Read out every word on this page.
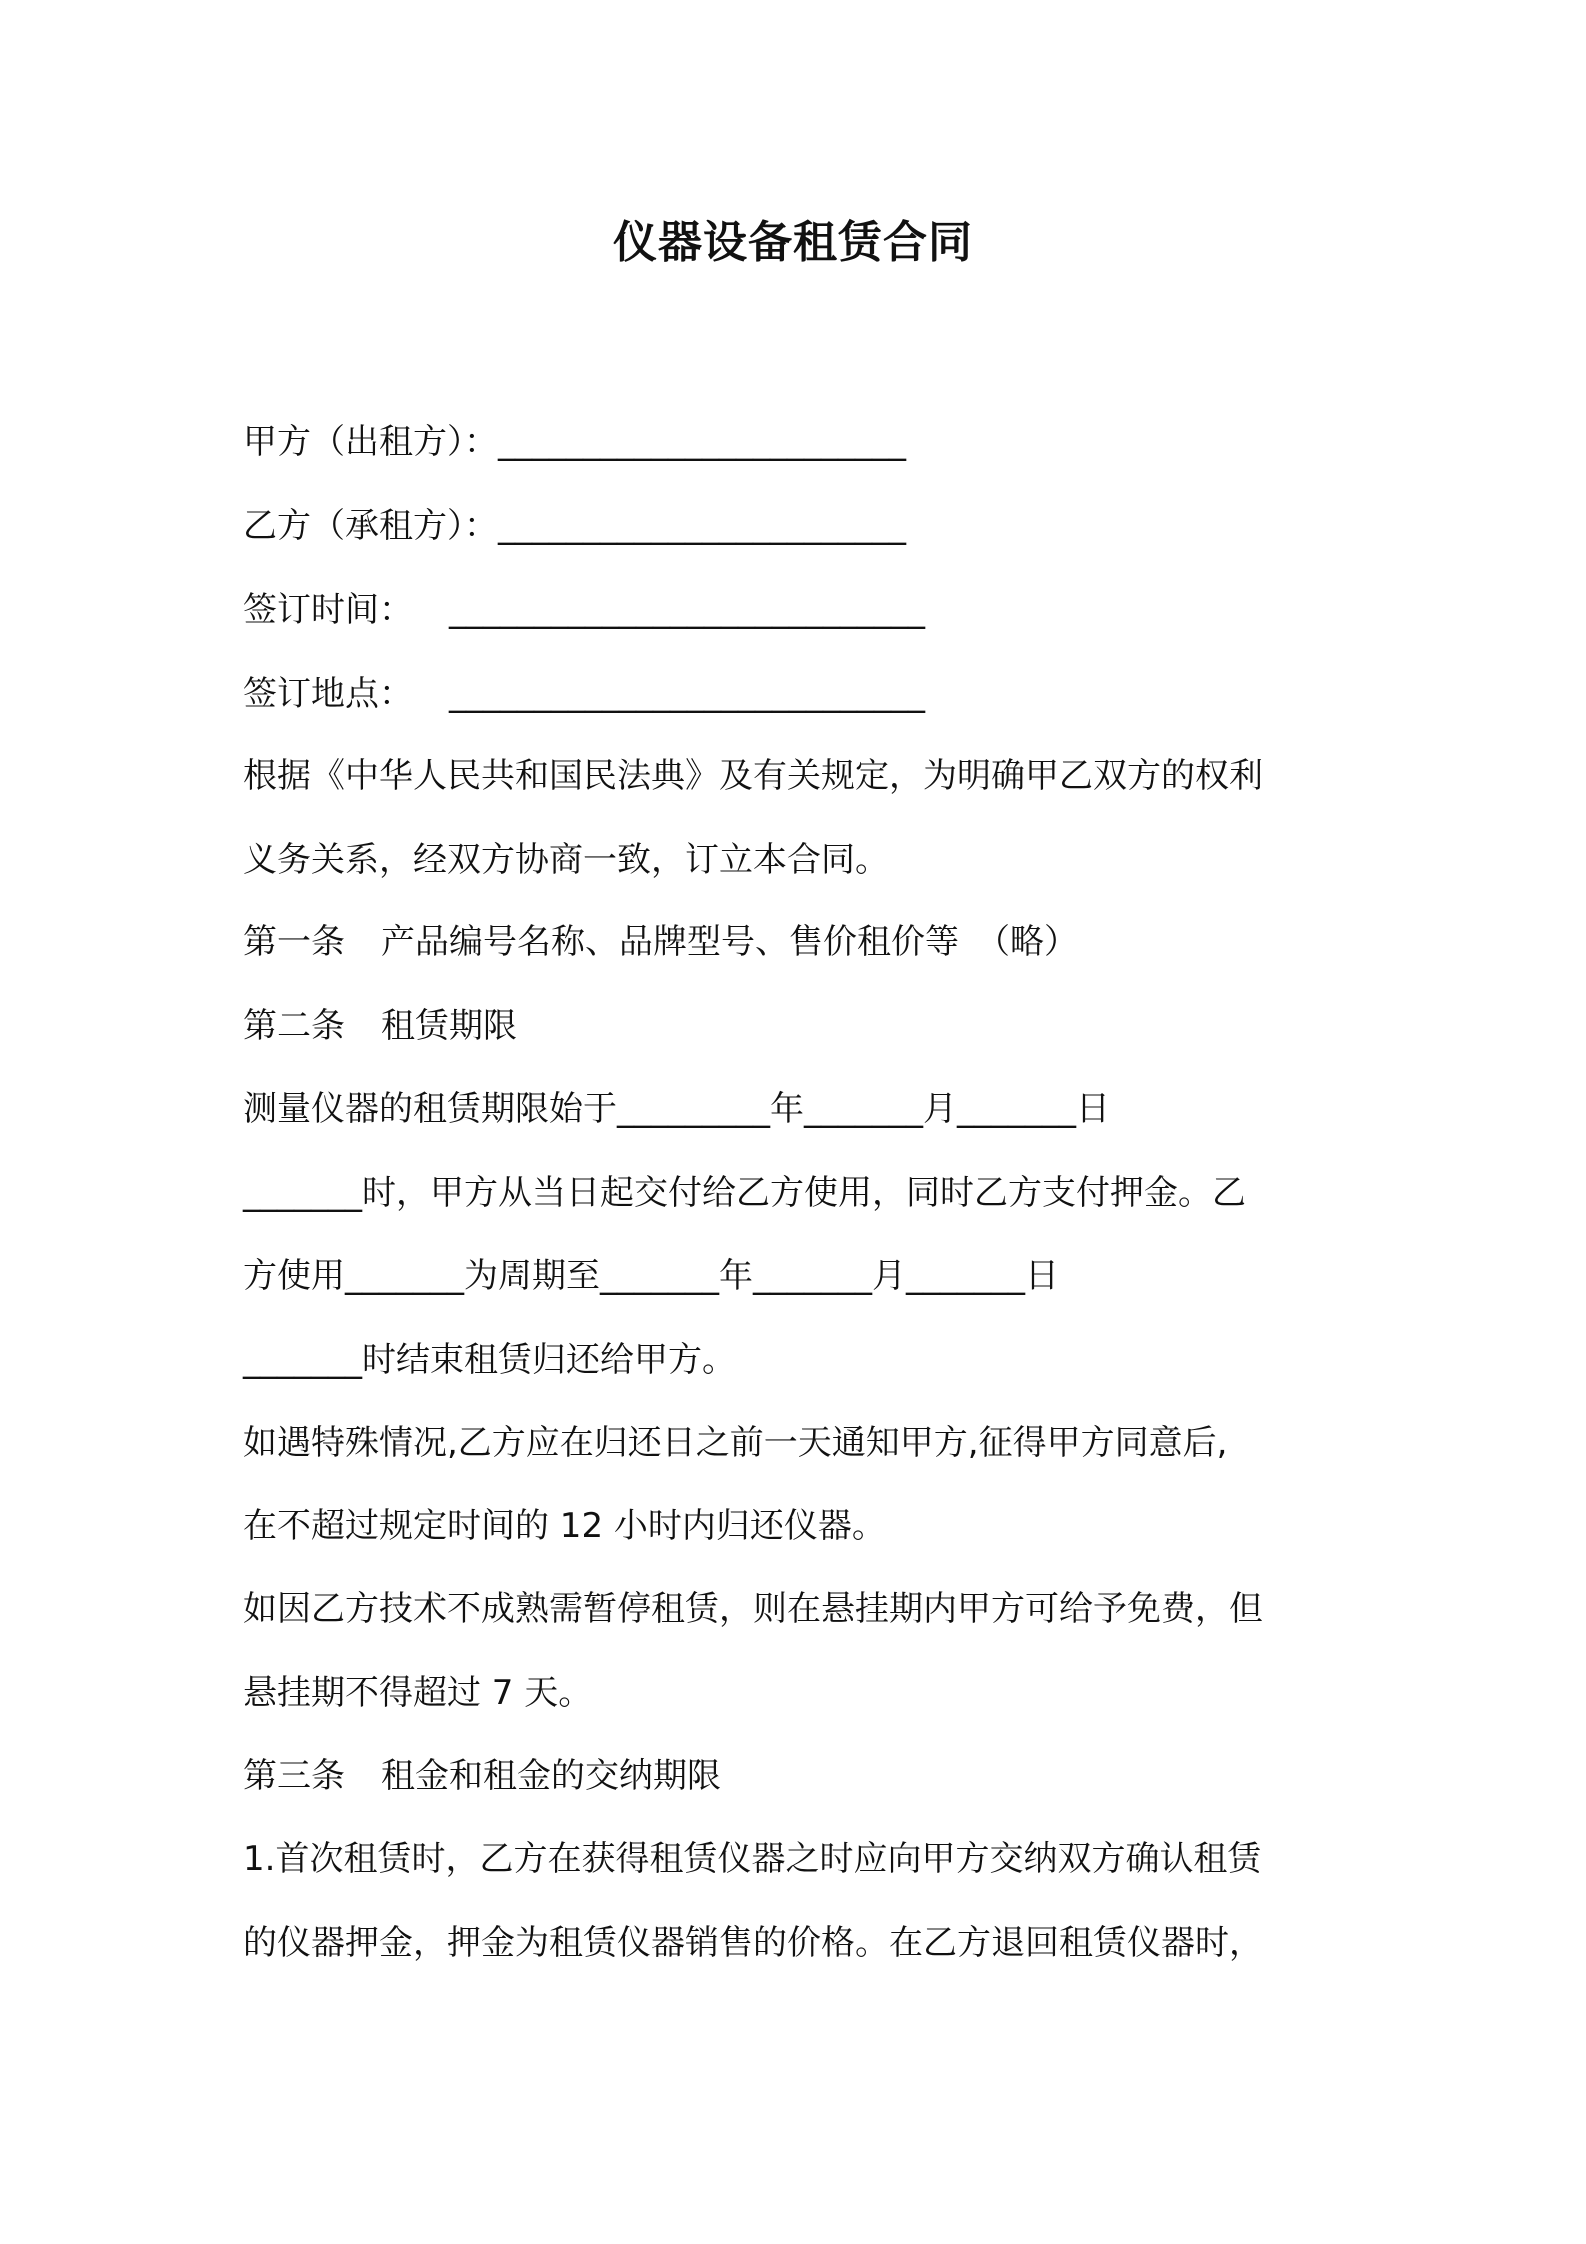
仪器设备租赁合同
甲方（出租方）：________________________
乙方（承租方）：________________________
签订时间： ____________________________
签订地点： ____________________________
根据《中华人民共和国民法典》及有关规定，为明确甲乙双方的权利
义务关系，经双方协商一致，订立本合同。
第一条 产品编号名称、品牌型号、售价租价等　（略）
第二条 租赁期限
测量仪器的租赁期限始于_________年_______月_______日
_______时，甲方从当日起交付给乙方使用，同时乙方支付押金。乙
方使用_______为周期至_______年_______月_______日
_______时结束租赁归还给甲方。
如遇特殊情况,乙方应在归还日之前一天通知甲方,征得甲方同意后,
在不超过规定时间的 12 小时内归还仪器。
如因乙方技术不成熟需暂停租赁，则在悬挂期内甲方可给予免费，但
悬挂期不得超过 7 天。
第三条 租金和租金的交纳期限
1.首次租赁时，乙方在获得租赁仪器之时应向甲方交纳双方确认租赁
的仪器押金，押金为租赁仪器销售的价格。在乙方退回租赁仪器时，
